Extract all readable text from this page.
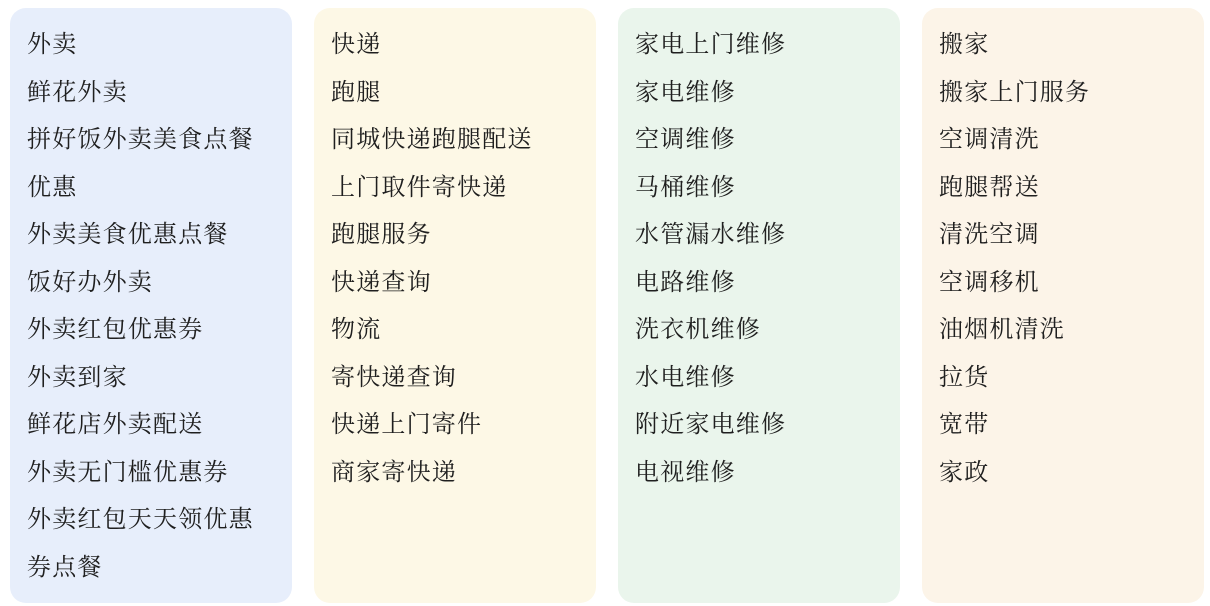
外卖
鲜花外卖
拼好饭外卖美食点餐优惠
外卖美食优惠点餐
饭好办外卖
外卖红包优惠券
外卖到家
鲜花店外卖配送
外卖无门槛优惠券
外卖红包天天领优惠券点餐
快递
跑腿
同城快递跑腿配送
上门取件寄快递
跑腿服务
快递查询
物流
寄快递查询
快递上门寄件
商家寄快递
家电上门维修
家电维修
空调维修
马桶维修
水管漏水维修
电路维修
洗衣机维修
水电维修
附近家电维修
电视维修
搬家
搬家上门服务
空调清洗
跑腿帮送
清洗空调
空调移机
油烟机清洗
拉货
宽带
家政
